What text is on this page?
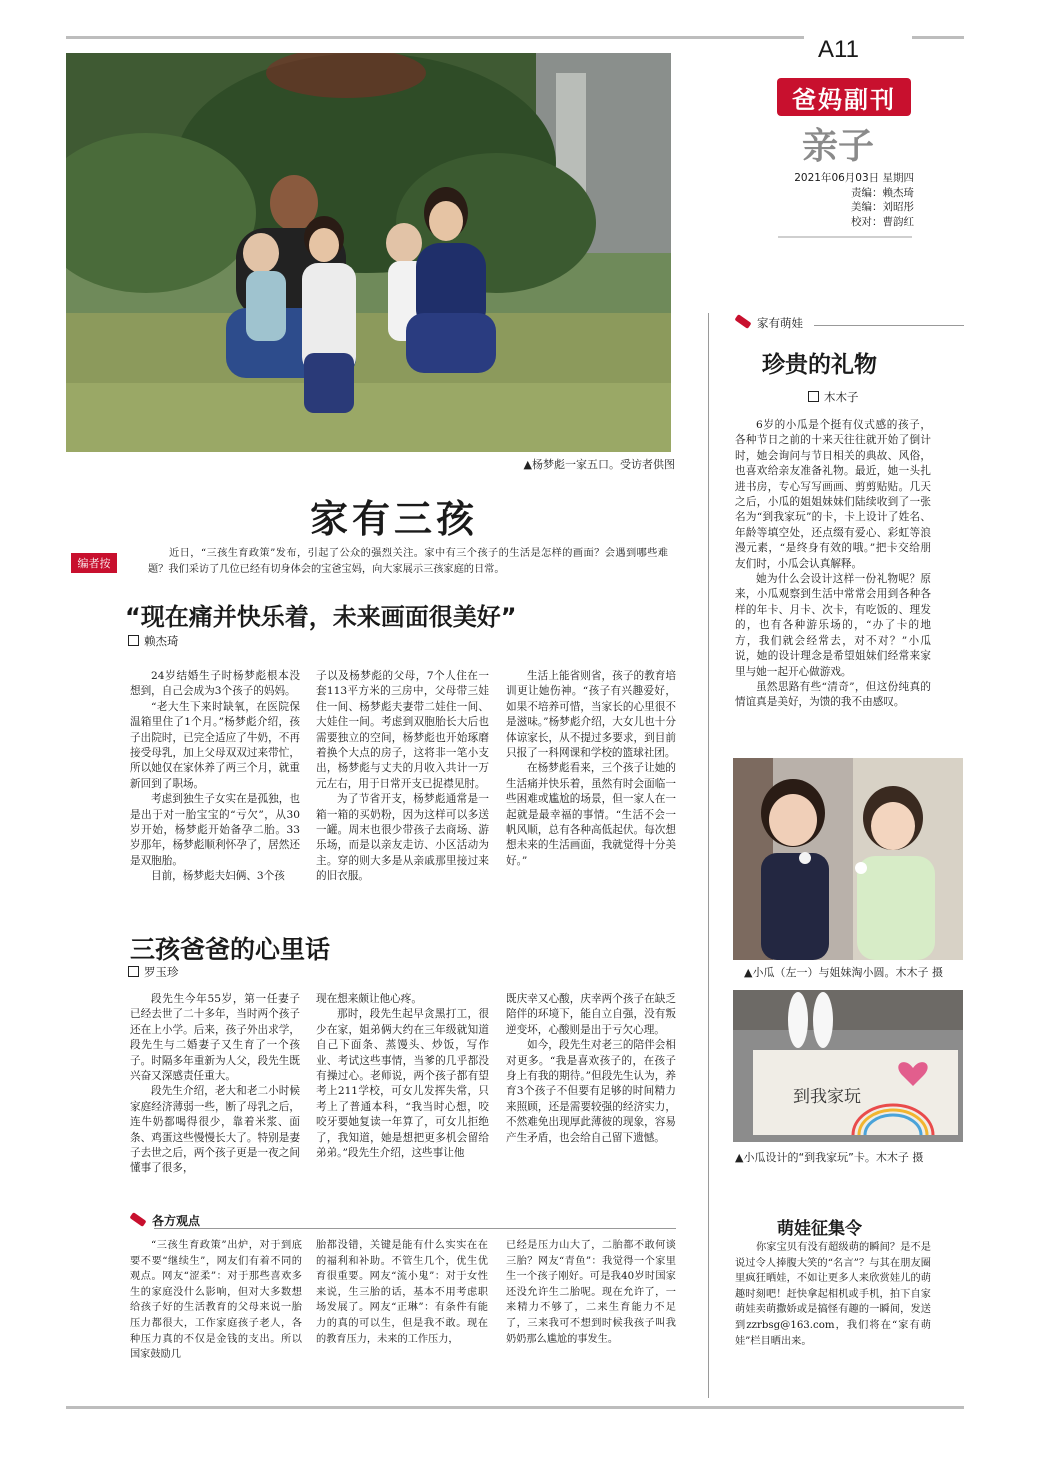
A11
爸妈副刊
亲子
2021年06月03日 星期四
责编：赖杰琦
美编：刘昭彤
校对：曹韵红
▲杨梦彪一家五口。受访者供图
家有三孩
编者按
近日，“三孩生育政策”发布，引起了公众的强烈关注。家中有三个孩子的生活是怎样的画面？会遇到哪些难题？我们采访了几位已经有切身体会的宝爸宝妈，向大家展示三孩家庭的日常。
“现在痛并快乐着，未来画面很美好”
赖杰琦

24岁结婚生子时杨梦彪根本没想到，自己会成为3个孩子的妈妈。

“老大生下来时缺氧，在医院保温箱里住了1个月。”杨梦彪介绍，孩子出院时，已完全适应了牛奶，不再接受母乳，加上父母双双过来带忙，所以她仅在家休养了两三个月，就重新回到了职场。

考虑到独生子女实在是孤独，也是出于对一胎宝宝的“亏欠”，从30岁开始，杨梦彪开始备孕二胎。33岁那年，杨梦彪顺利怀孕了，居然还是双胞胎。

目前，杨梦彪夫妇俩、3个孩

子以及杨梦彪的父母，7个人住在一套113平方米的三房中，父母带三娃住一间、杨梦彪夫妻带二娃住一间、大娃住一间。考虑到双胞胎长大后也需要独立的空间，杨梦彪也开始琢磨着换个大点的房子，这将非一笔小支出，杨梦彪与丈夫的月收入共计一万元左右，用于日常开支已捉襟见肘。

为了节省开支，杨梦彪通常是一箱一箱的买奶粉，因为这样可以多送一罐。周末也很少带孩子去商场、游乐场，而是以亲友走访、小区活动为主。穿的则大多是从亲戚那里接过来的旧衣服。

生活上能省则省，孩子的教育培训更让她伤神。“孩子有兴趣爱好，如果不培养可惜，当家长的心里很不是滋味。”杨梦彪介绍，大女儿也十分体谅家长，从不提过多要求，到目前只报了一科网课和学校的篮球社团。

在杨梦彪看来，三个孩子让她的生活痛并快乐着，虽然有时会面临一些困难或尴尬的场景，但一家人在一起就是最幸福的事情。“生活不会一帆风顺，总有各种高低起伏。每次想想未来的生活画面，我就觉得十分美好。”

三孩爸爸的心里话
罗玉珍

段先生今年55岁，第一任妻子已经去世了二十多年，当时两个孩子还在上小学。后来，孩子外出求学，段先生与二婚妻子又生育了一个孩子。时隔多年重新为人父，段先生既兴奋又深感责任重大。

段先生介绍，老大和老二小时候家庭经济薄弱一些，断了母乳之后，连牛奶都喝得很少，靠着米浆、面条、鸡蛋这些慢慢长大了。特别是妻子去世之后，两个孩子更是一夜之间懂事了很多，

现在想来颇让他心疼。

那时，段先生起早贪黑打工，很少在家，姐弟俩大约在三年级就知道自己下面条、蒸馒头、炒饭，写作业、考试这些事情，当爹的几乎都没有操过心。老师说，两个孩子都有望考上211学校，可女儿发挥失常，只考上了普通本科，“我当时心想，咬咬牙要她复读一年算了，可女儿拒绝了，我知道，她是想把更多机会留给弟弟。”段先生介绍，这些事让他

既庆幸又心酸，庆幸两个孩子在缺乏陪伴的环境下，能自立自强，没有叛逆变坏，心酸则是出于亏欠心理。

如今，段先生对老三的陪伴会相对更多。“我是喜欢孩子的，在孩子身上有我的期待。”但段先生认为，养育3个孩子不但要有足够的时间精力来照顾，还是需要较强的经济实力，不然难免出现厚此薄彼的现象，容易产生矛盾，也会给自己留下遗憾。

各方观点
“三孩生育政策”出炉，对于到底要不要“继续生”，网友们有着不同的观点。网友“涩柔”：对于那些喜欢多生的家庭没什么影响，但对大多数想给孩子好的生活教育的父母来说一胎压力都很大，工作家庭孩子老人，各种压力真的不仅是金钱的支出。所以国家鼓励几
胎都没错，关键是能有什么实实在在的福利和补助。不管生几个，优生优育很重要。网友“流小鬼”：对于女性来说，生三胎的话，基本不用考虑职场发展了。网友“正琳”：有条件有能力的真的可以生，但是我不敢。现在的教育压力，未来的工作压力，
已经是压力山大了，二胎都不敢何谈三胎？网友“青鱼”：我觉得一个家里生一个孩子刚好。可是我40岁时国家还没允许生二胎呢。现在允许了，一来精力不够了，二来生育能力不足了，三来我可不想到时候我孩子叫我奶奶那么尴尬的事发生。
家有萌娃
珍贵的礼物
木木子

6岁的小瓜是个挺有仪式感的孩子，各种节日之前的十来天往往就开始了倒计时，她会询问与节日相关的典故、风俗，也喜欢给亲友准备礼物。最近，她一头扎进书房，专心写写画画、剪剪贴贴。几天之后，小瓜的姐姐妹妹们陆续收到了一张名为“到我家玩”的卡，卡上设计了姓名、年龄等填空处，还点缀有爱心、彩虹等浪漫元素，“是终身有效的哦。”把卡交给朋友们时，小瓜会认真解释。

她为什么会设计这样一份礼物呢？原来，小瓜观察到生活中常常会用到各种各样的年卡、月卡、次卡，有吃饭的、理发的，也有各种游乐场的，“办了卡的地方，我们就会经常去，对不对？”小瓜说，她的设计理念是希望姐妹们经常来家里与她一起开心做游戏。

虽然思路有些“清奇”，但这份纯真的情谊真是美好，为馈的我不由感叹。

▲小瓜（左一）与姐妹淘小圆。木木子 摄
到我家玩
▲小瓜设计的“到我家玩”卡。木木子 摄
萌娃征集令
你家宝贝有没有超级萌的瞬间？是不是说过令人捧腹大笑的“名言”？与其在朋友圈里疯狂晒娃，不如让更多人来欣赏娃儿的萌趣时刻吧！赶快拿起相机或手机，拍下自家萌娃卖萌撒娇或是搞怪有趣的一瞬间，发送到zzrbsg@163.com，我们将在“家有萌娃”栏目晒出来。
